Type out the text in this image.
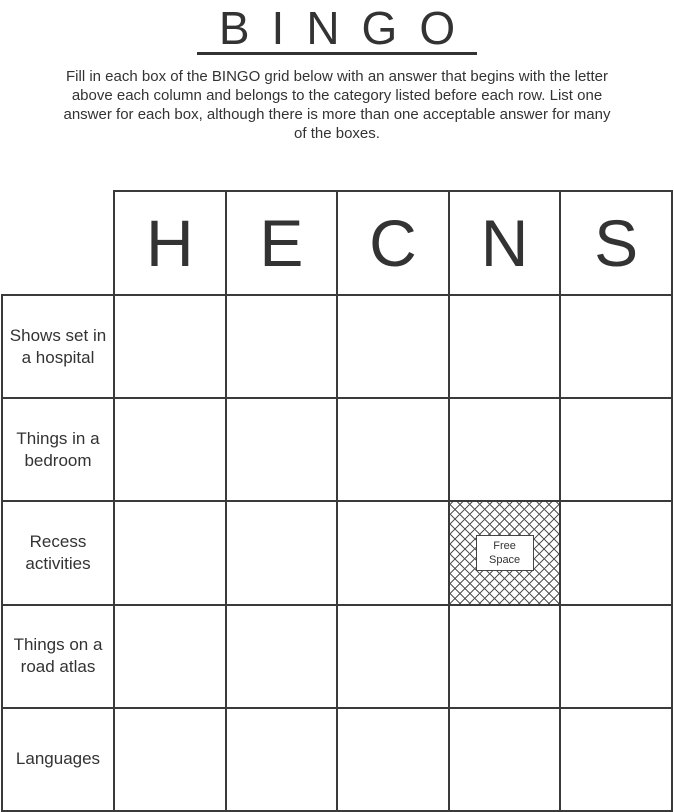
BINGO
Fill in each box of the BINGO grid below with an answer that begins with the letter above each column and belongs to the category listed before each row. List one answer for each box, although there is more than one acceptable answer for many of the boxes.
H E C N S
Shows set in a hospital
Things in a bedroom
Recess activities
Free Space
Things on a road atlas
Languages
